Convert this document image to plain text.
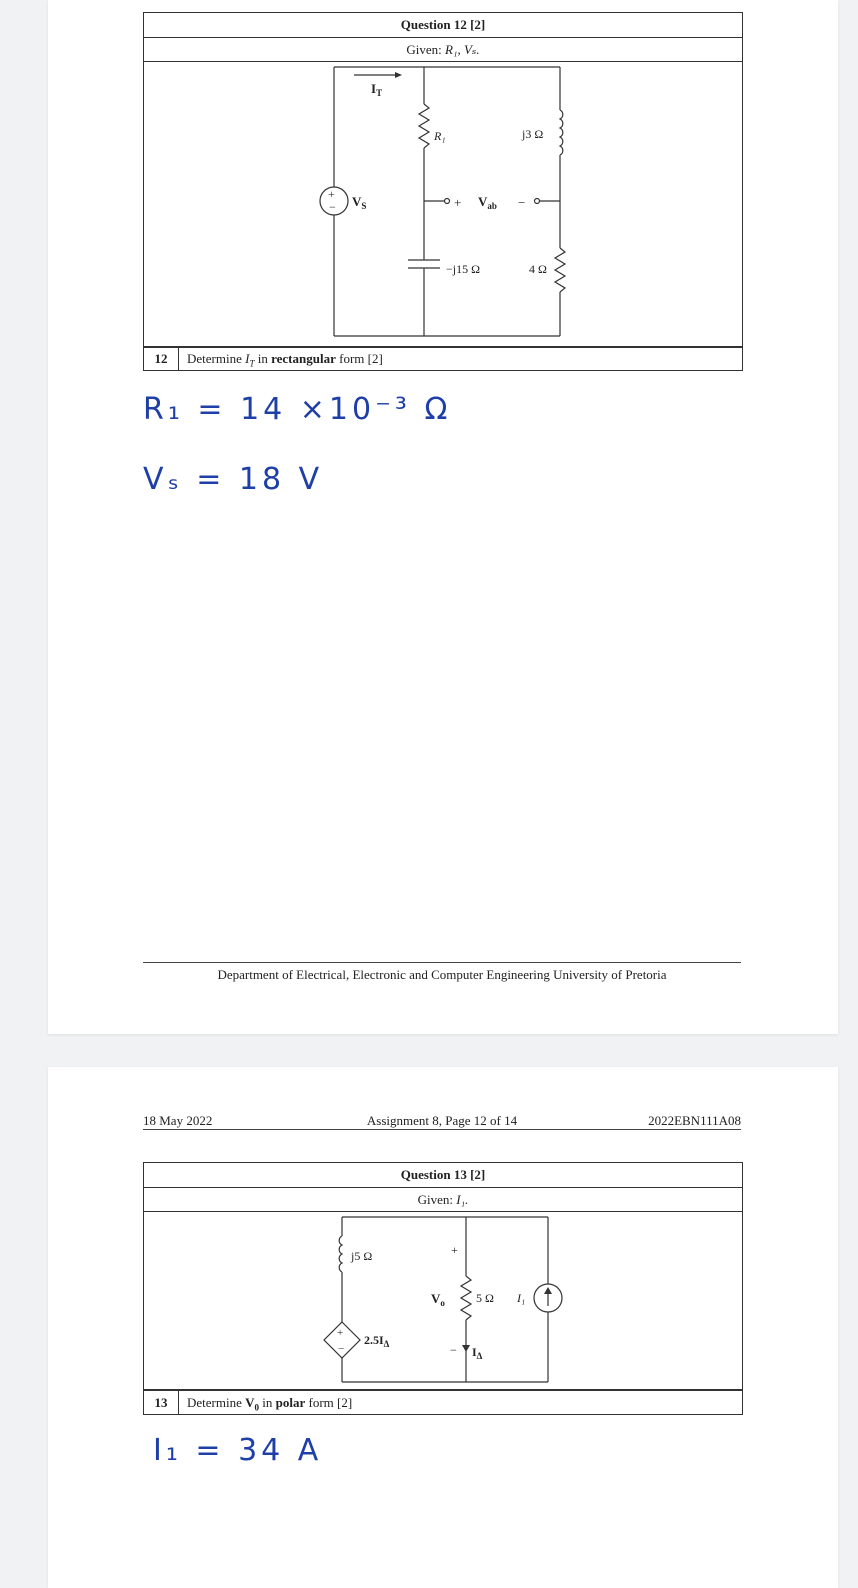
Question 12 [2]
Given: R₁, Vₛ.
+
−
$I_T$
$V_S$
R₁	j3 Ω
+ $V_{ab}$ −
−j15 Ω	4 Ω
12	Determine $I_T$ in rectangular form [2]
R₁ = 14 ×10⁻³ Ω
Vₛ = 18 V
Department of Electrical, Electronic and Computer Engineering University of Pretoria
18 May 2022	Assignment 8, Page 12 of 14	2022EBN111A08
Question 13 [2]
Given: I₁.
+
−
j5 Ω
$2.5I_\Delta$
+
$V_o$	5 Ω
− $I_\Delta$
I₁
13	Determine $V_0$ in polar form [2]
I₁ = 34 A
